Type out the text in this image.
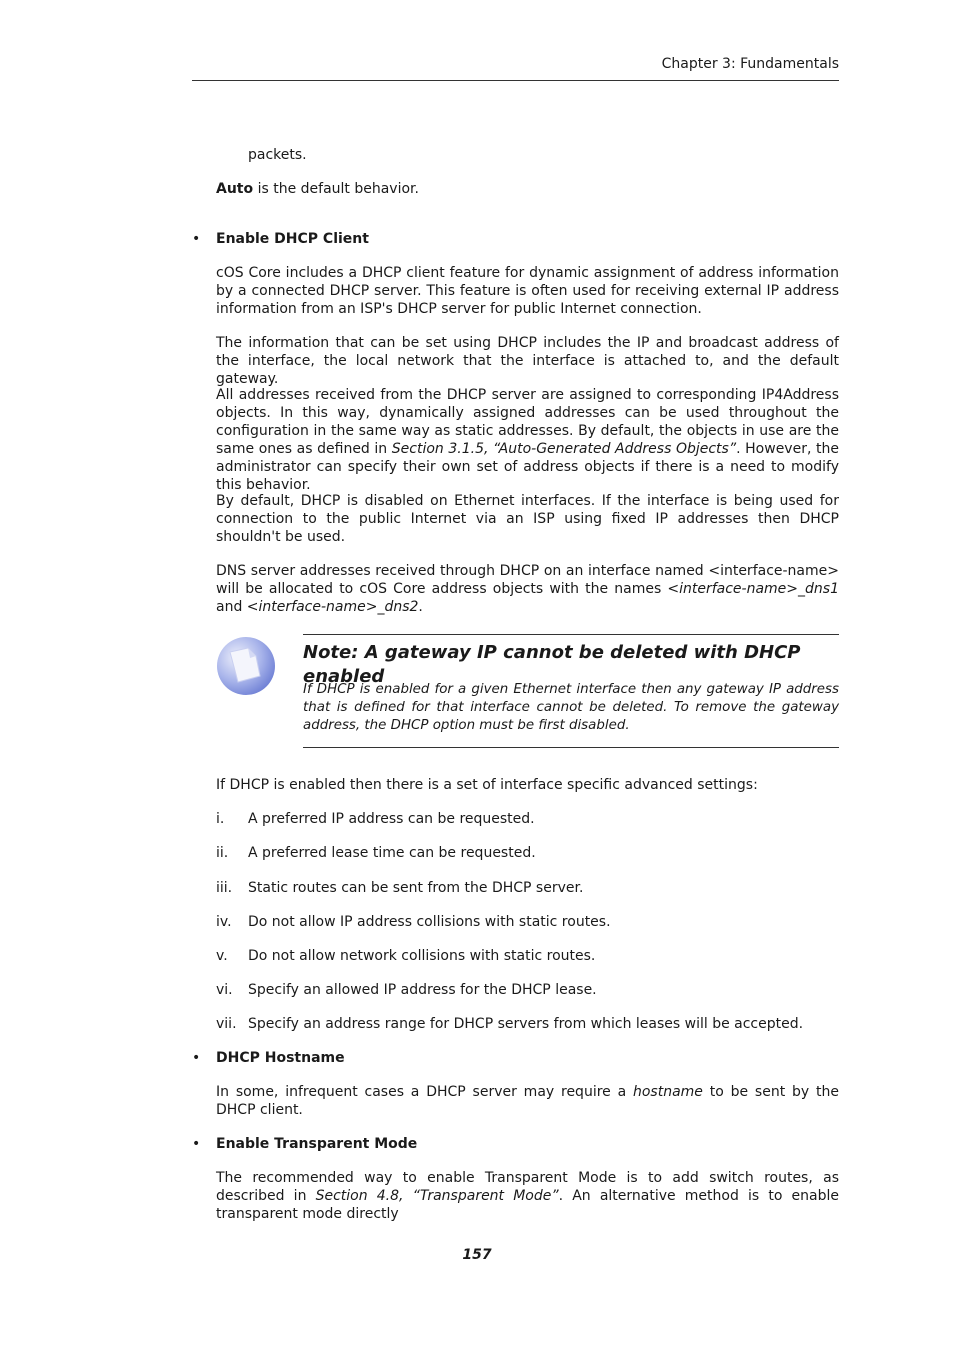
Chapter 3: Fundamentals
packets.

Auto is the default behavior.

• Enable DHCP Client

cOS Core includes a DHCP client feature for dynamic assignment of address information by a connected DHCP server. This feature is often used for receiving external IP address information from an ISP's DHCP server for public Internet connection.

The information that can be set using DHCP includes the IP and broadcast address of the interface, the local network that the interface is attached to, and the default gateway.

All addresses received from the DHCP server are assigned to corresponding IP4Address objects. In this way, dynamically assigned addresses can be used throughout the configuration in the same way as static addresses. By default, the objects in use are the same ones as defined in Section 3.1.5, “Auto-Generated Address Objects”. However, the administrator can specify their own set of address objects if there is a need to modify this behavior.

By default, DHCP is disabled on Ethernet interfaces. If the interface is being used for connection to the public Internet via an ISP using fixed IP addresses then DHCP shouldn't be used.

DNS server addresses received through DHCP on an interface named <interface-name> will be allocated to cOS Core address objects with the names <interface-name>_dns1 and <interface-name>_dns2.

Note: A gateway IP cannot be deleted with DHCP enabled

If DHCP is enabled for a given Ethernet interface then any gateway IP address that is defined for that interface cannot be deleted. To remove the gateway address, the DHCP option must be first disabled.

If DHCP is enabled then there is a set of interface specific advanced settings:

i. A preferred IP address can be requested.
ii. A preferred lease time can be requested.
iii. Static routes can be sent from the DHCP server.
iv. Do not allow IP address collisions with static routes.
v. Do not allow network collisions with static routes.
vi. Specify an allowed IP address for the DHCP lease.
vii. Specify an address range for DHCP servers from which leases will be accepted.
• DHCP Hostname

In some, infrequent cases a DHCP server may require a hostname to be sent by the DHCP client.

• Enable Transparent Mode

The recommended way to enable Transparent Mode is to add switch routes, as described in Section 4.8, “Transparent Mode”. An alternative method is to enable transparent mode directly

157
